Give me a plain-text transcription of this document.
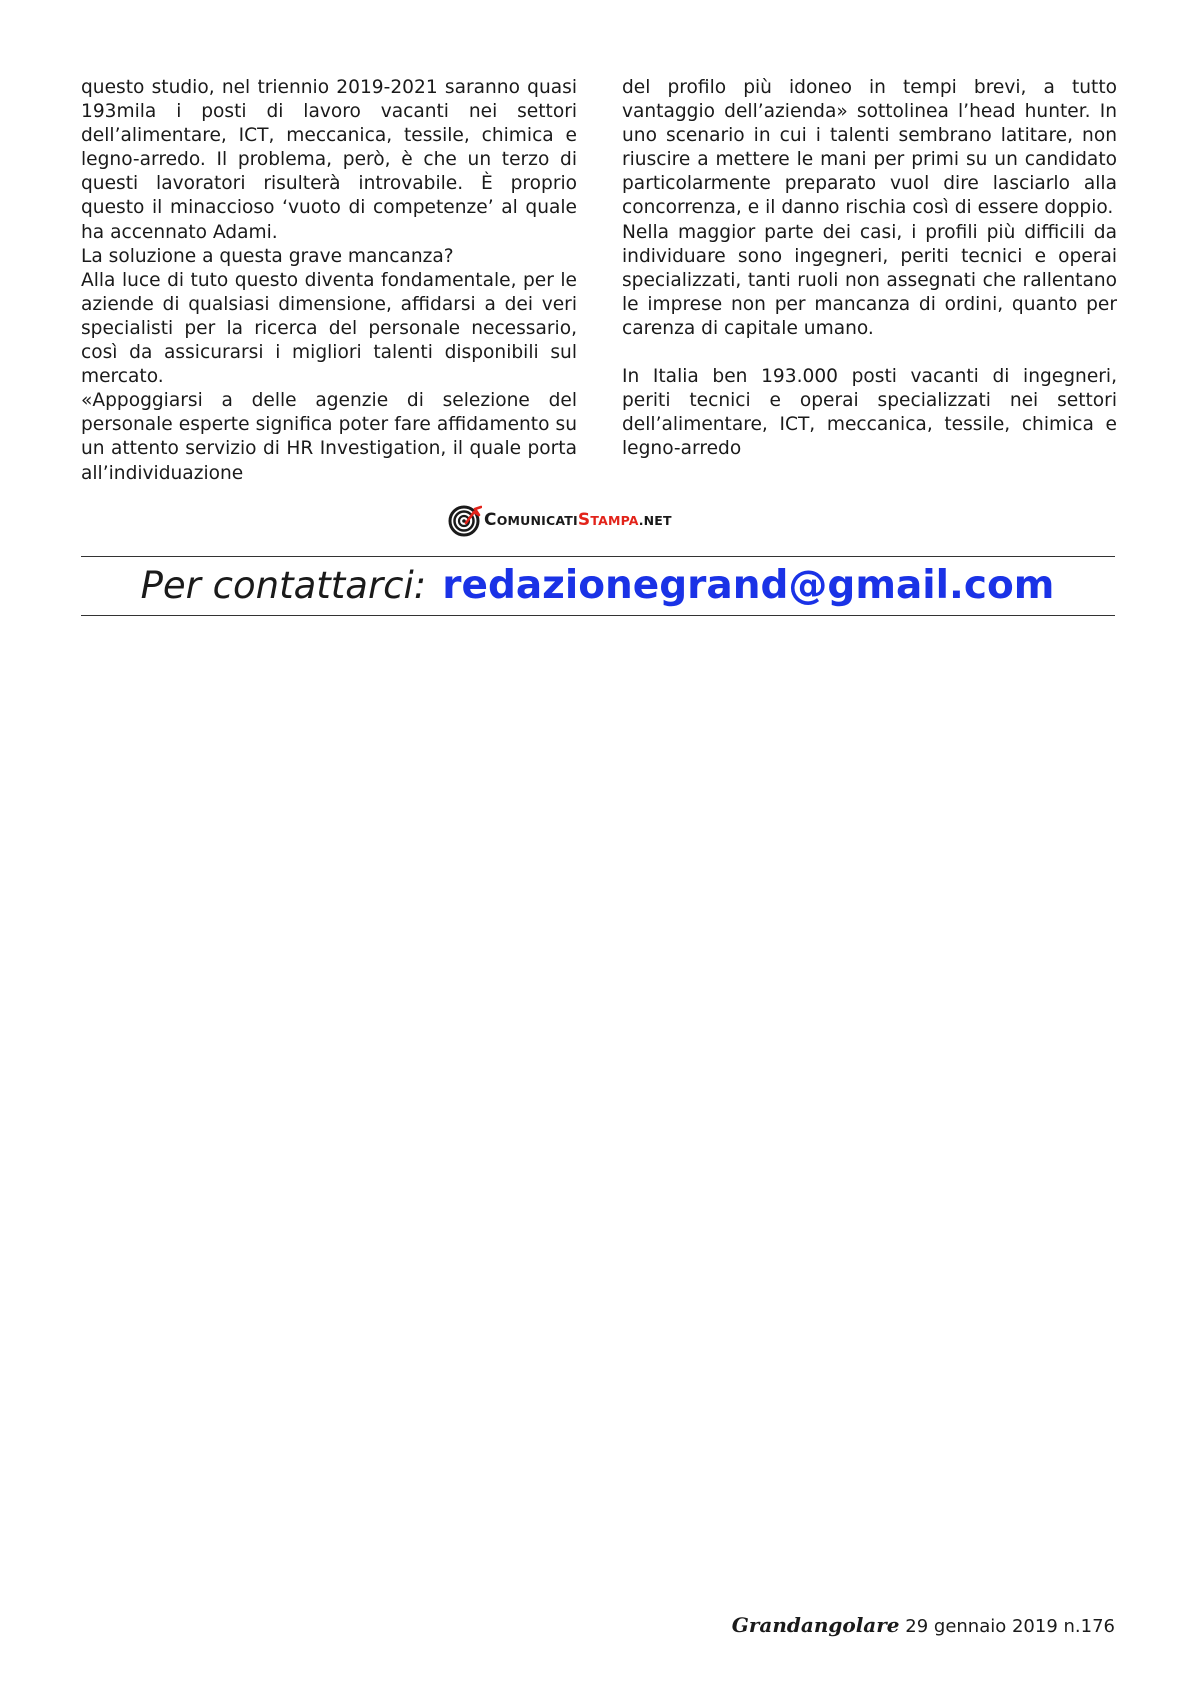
questo studio, nel triennio 2019-2021 saranno quasi 193mila i posti di lavoro vacanti nei settori dell’alimentare, ICT, meccanica, tessile, chimica e legno-arredo. Il problema, però, è che un terzo di questi lavoratori risulterà introvabile. È proprio questo il minaccioso ‘vuoto di competenze’ al quale ha accennato Adami.

La soluzione a questa grave mancanza?

Alla luce di tuto questo diventa fondamentale, per le aziende di qualsiasi dimensione, affidarsi a dei veri specialisti per la ricerca del personale necessario, così da assicurarsi i migliori talenti disponibili sul mercato.

«Appoggiarsi a delle agenzie di selezione del personale esperte significa poter fare affidamento su un attento servizio di HR Investigation, il quale porta all’individuazione

del profilo più idoneo in tempi brevi, a tutto vantaggio dell’azienda» sottolinea l’head hunter. In uno scenario in cui i talenti sembrano latitare, non riuscire a mettere le mani per primi su un candidato particolarmente preparato vuol dire lasciarlo alla concorrenza, e il danno rischia così di essere doppio.

Nella maggior parte dei casi, i profili più difficili da individuare sono ingegneri, periti tecnici e operai specializzati, tanti ruoli non assegnati che rallentano le imprese non per mancanza di ordini, quanto per carenza di capitale umano.

In Italia ben 193.000 posti vacanti di ingegneri, periti tecnici e operai specializzati nei settori dell’alimentare, ICT, meccanica, tessile, chimica e legno-arredo

C OMUNICATI S TAMPA .NET
Per contattarci: redazionegrand@gmail.com
Grandangolare 29 gennaio 2019 n.176
